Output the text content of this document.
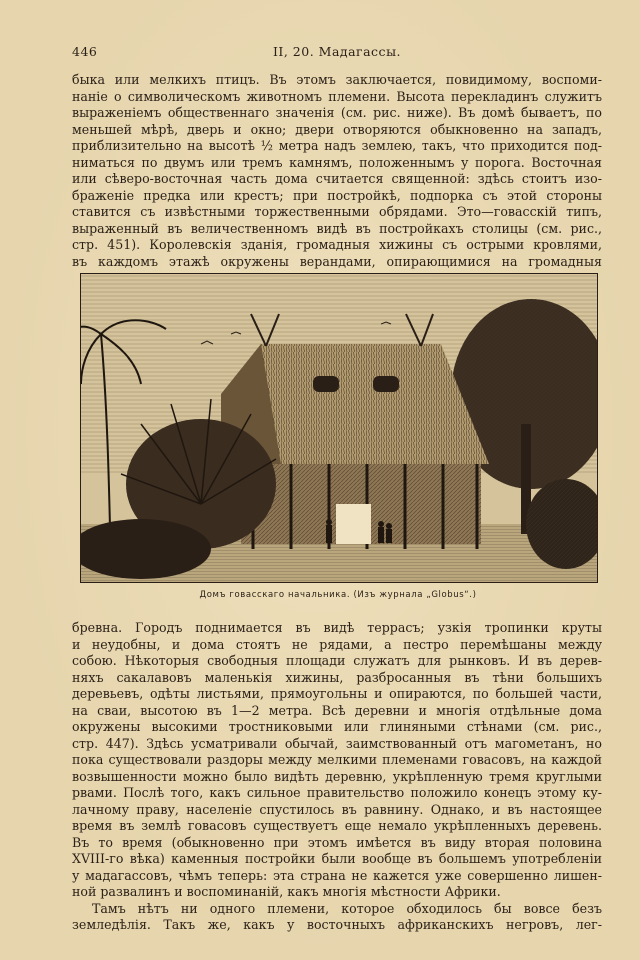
446	II, 20. Мадагассы.
быка или мелкихъ птицъ. Въ этомъ заключается, повидимому, воспоми-
наніе о символическомъ животномъ племени. Высота перекладинъ служитъ
выраженіемъ общественнаго значенія (см. рис. ниже). Въ домѣ бываетъ, по
меньшей мѣрѣ, дверь и окно; двери отворяются обыкновенно на западъ,
приблизительно на высотѣ ½ метра надъ землею, такъ, что приходится под-
ниматься по двумъ или тремъ камнямъ, положеннымъ у порога. Восточная
или сѣверо-восточная часть дома считается священной: здѣсь стоитъ изо-
браженіе предка или крестъ; при постройкѣ, подпорка съ этой стороны
ставится съ извѣстными торжественными обрядами. Это—говасскій типъ,
выраженный въ величественномъ видѣ въ постройкахъ столицы (см. рис.,
стр. 451). Королевскія зданія, громадныя хижины съ острыми кровлями,
въ каждомъ этажѣ окружены верандами, опирающимися на громадныя
Домъ говасскаго начальника. (Изъ журнала „Globus“.)
бревна. Городъ поднимается въ видѣ террасъ; узкія тропинки круты
и неудобны, и дома стоятъ не рядами, а пестро перемѣшаны между
собою. Нѣкоторыя свободныя площади служатъ для рынковъ. И въ дерев-
няхъ сакалавовъ маленькія хижины, разбросанныя въ тѣни большихъ
деревьевъ, одѣты листьями, прямоугольны и опираются, по большей части,
на сваи, высотою въ 1—2 метра. Всѣ деревни и многія отдѣльные дома
окружены высокими тростниковыми или глиняными стѣнами (см. рис.,
стр. 447). Здѣсь усматривали обычай, заимствованный отъ магометанъ, но
пока существовали раздоры между мелкими племенами говасовъ, на каждой
возвышенности можно было видѣть деревню, укрѣпленную тремя круглыми
рвами. Послѣ того, какъ сильное правительство положило конецъ этому ку-
лачному праву, населеніе спустилось въ равнину. Однако, и въ настоящее
время въ землѣ говасовъ существуетъ еще немало укрѣпленныхъ деревень.
Въ то время (обыкновенно при этомъ имѣется въ виду вторая половина
XVIII-го вѣка) каменныя постройки были вообще въ большемъ употребленіи
у мадагассовъ, чѣмъ теперь: эта страна не кажется уже совершенно лишен-
ной развалинъ и воспоминаній, какъ многія мѣстности Африки.
Тамъ нѣтъ ни одного племени, которое обходилось бы вовсе безъ
земледѣлія. Такъ же, какъ у восточныхъ африканскихъ негровъ, лег-
